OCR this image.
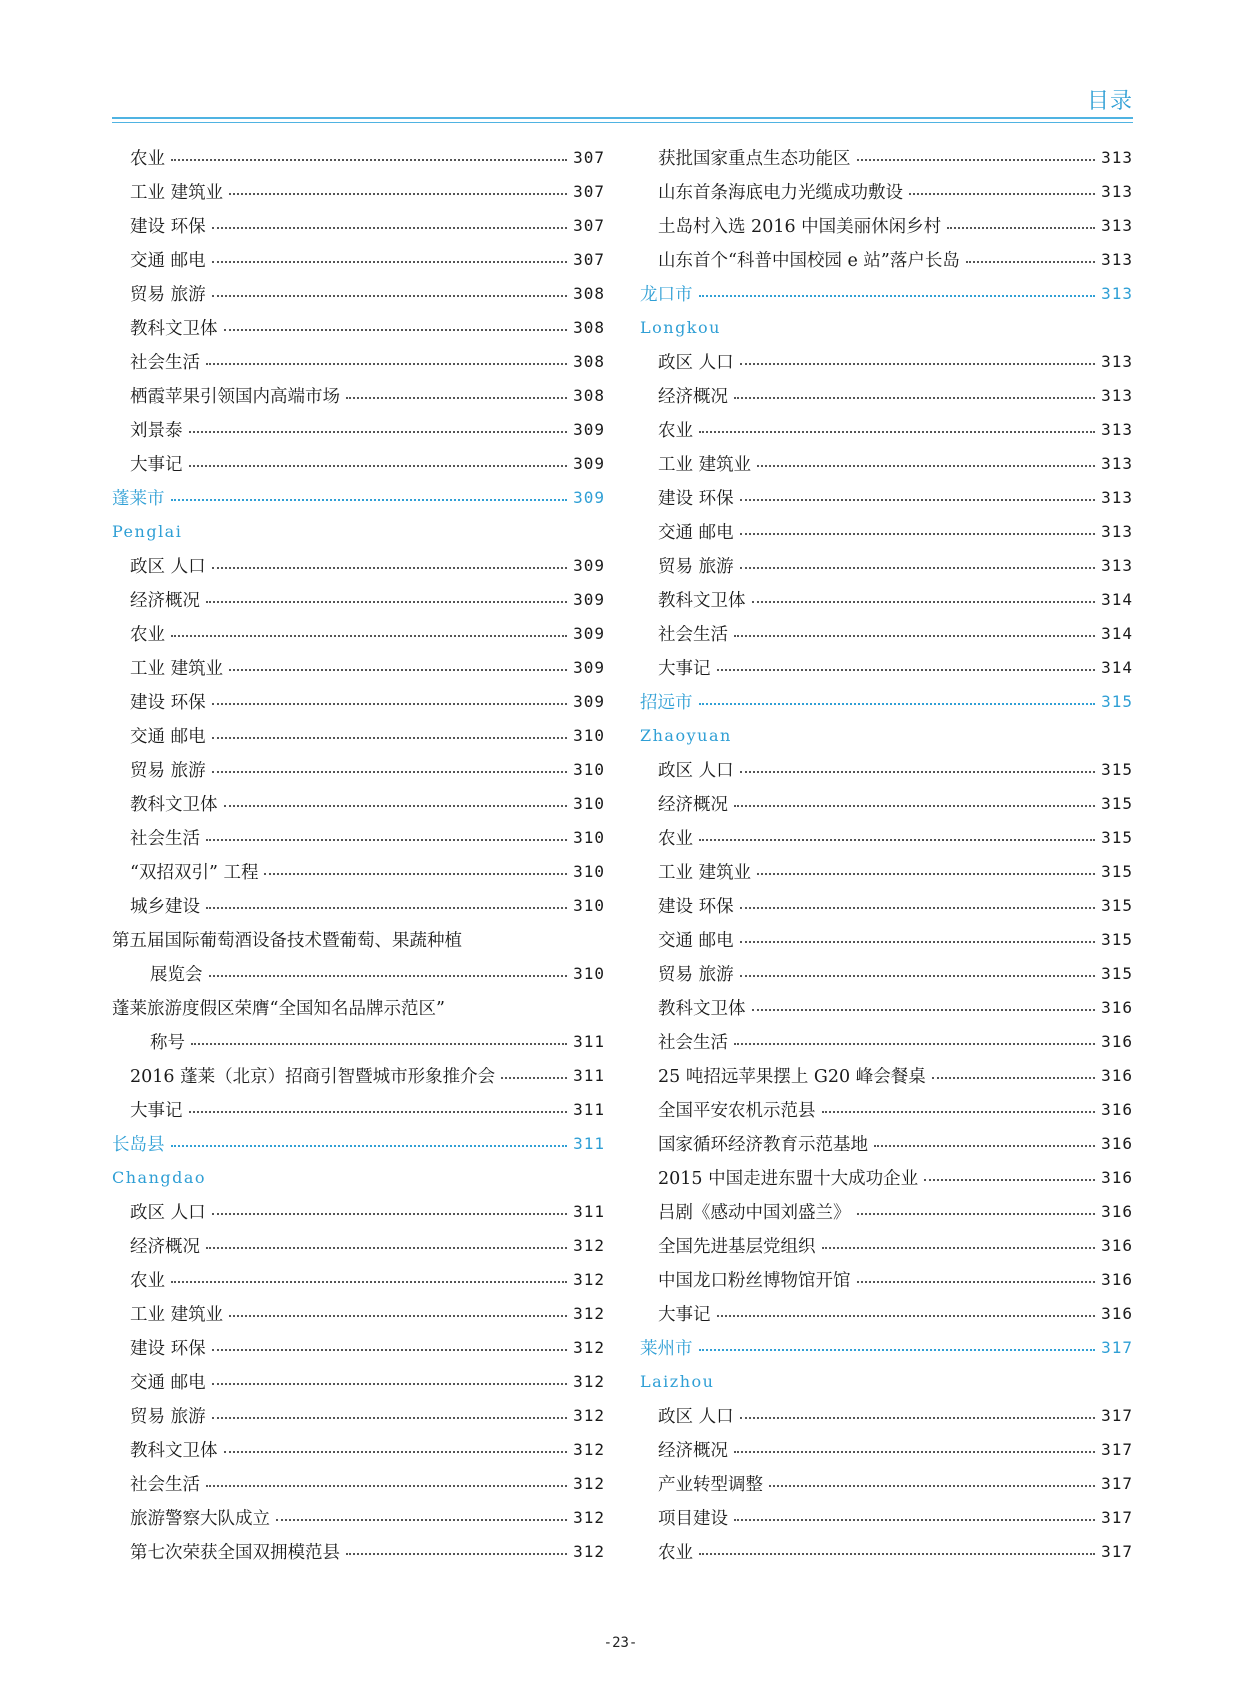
目录
农业	307
工业 建筑业	307
建设 环保	307
交通 邮电	307
贸易 旅游	308
教科文卫体	308
社会生活	308
栖霞苹果引领国内高端市场	308
刘景泰	309
大事记	309
蓬莱市	309
Penglai
政区 人口	309
经济概况	309
农业	309
工业 建筑业	309
建设 环保	309
交通 邮电	310
贸易 旅游	310
教科文卫体	310
社会生活	310
“双招双引” 工程	310
城乡建设	310
第五届国际葡萄酒设备技术暨葡萄、果蔬种植
展览会	310
蓬莱旅游度假区荣膺“全国知名品牌示范区”
称号	311
2016 蓬莱（北京）招商引智暨城市形象推介会	311
大事记	311
长岛县	311
Changdao
政区 人口	311
经济概况	312
农业	312
工业 建筑业	312
建设 环保	312
交通 邮电	312
贸易 旅游	312
教科文卫体	312
社会生活	312
旅游警察大队成立	312
第七次荣获全国双拥模范县	312
获批国家重点生态功能区	313
山东首条海底电力光缆成功敷设	313
土岛村入选 2016 中国美丽休闲乡村	313
山东首个“科普中国校园 e 站”落户长岛	313
龙口市	313
Longkou
政区 人口	313
经济概况	313
农业	313
工业 建筑业	313
建设 环保	313
交通 邮电	313
贸易 旅游	313
教科文卫体	314
社会生活	314
大事记	314
招远市	315
Zhaoyuan
政区 人口	315
经济概况	315
农业	315
工业 建筑业	315
建设 环保	315
交通 邮电	315
贸易 旅游	315
教科文卫体	316
社会生活	316
25 吨招远苹果摆上 G20 峰会餐桌	316
全国平安农机示范县	316
国家循环经济教育示范基地	316
2015 中国走进东盟十大成功企业	316
吕剧《感动中国刘盛兰》	316
全国先进基层党组织	316
中国龙口粉丝博物馆开馆	316
大事记	316
莱州市	317
Laizhou
政区 人口	317
经济概况	317
产业转型调整	317
项目建设	317
农业	317
-23-
